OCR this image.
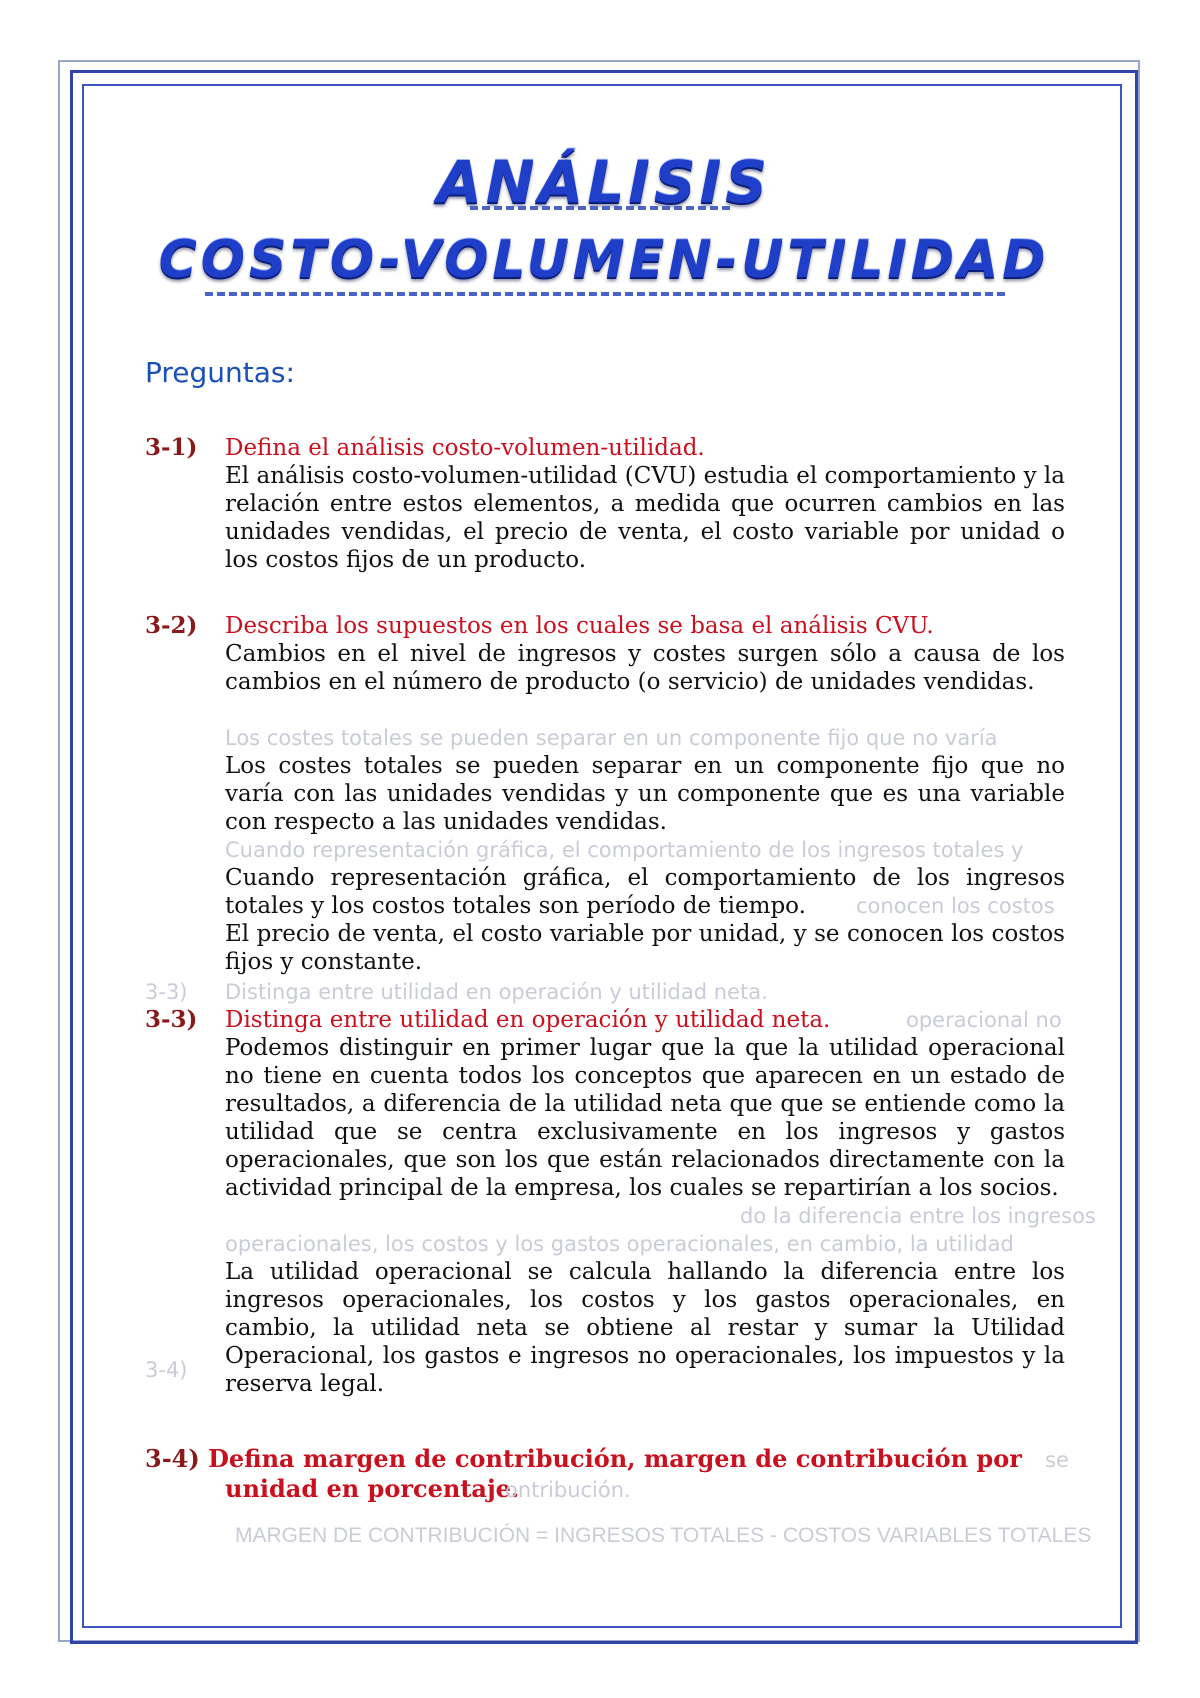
ANÁLISIS
COSTO-VOLUMEN-UTILIDAD
Preguntas:
3-1) Defina el análisis costo-volumen-utilidad.

El análisis costo-volumen-utilidad (CVU) estudia el comportamiento y la relación entre estos elementos, a medida que ocurren cambios en las unidades vendidas, el precio de venta, el costo variable por unidad o los costos fijos de un producto.

3-2) Describa los supuestos en los cuales se basa el análisis CVU.

Cambios en el nivel de ingresos y costes surgen sólo a causa de los cambios en el número de producto (o servicio) de unidades vendidas.

Los costes totales se pueden separar en un componente fijo que no varía

Los costes totales se pueden separar en un componente fijo que no varía con las unidades vendidas y un componente que es una variable con respecto a las unidades vendidas.

Cuando representación gráfica, el comportamiento de los ingresos totales y

Cuando representación gráfica, el comportamiento de los ingresos totales y los costos totales son período de tiempo.	conocen los costos

El precio de venta, el costo variable por unidad, y se conocen los costos fijos y constante.

3-3) Distinga entre utilidad en operación y utilidad neta.
operacional no
3-3) Distinga entre utilidad en operación y utilidad neta.

Podemos distinguir en primer lugar que la que la utilidad operacional no tiene en cuenta todos los conceptos que aparecen en un estado de resultados, a diferencia de la utilidad neta que que se entiende como la utilidad que se centra exclusivamente en los ingresos y gastos operacionales, que son los que están relacionados directamente con la actividad principal de la empresa, los cuales se repartirían a los socios.

do la diferencia entre los ingresos
operacionales, los costos y los gastos operacionales, en cambio, la utilidad

La utilidad operacional se calcula hallando la diferencia entre los ingresos operacionales, los costos y los gastos operacionales, en cambio, la utilidad neta se obtiene al restar y sumar la Utilidad Operacional, los gastos e ingresos no operacionales, los impuestos y la reserva legal.

3-4)
3-4) Defina margen de contribución, margen de contribución por
unidad en porcentaje.
se
ontribución.
MARGEN DE CONTRIBUCIÓN = INGRESOS TOTALES - COSTOS VARIABLES TOTALES
